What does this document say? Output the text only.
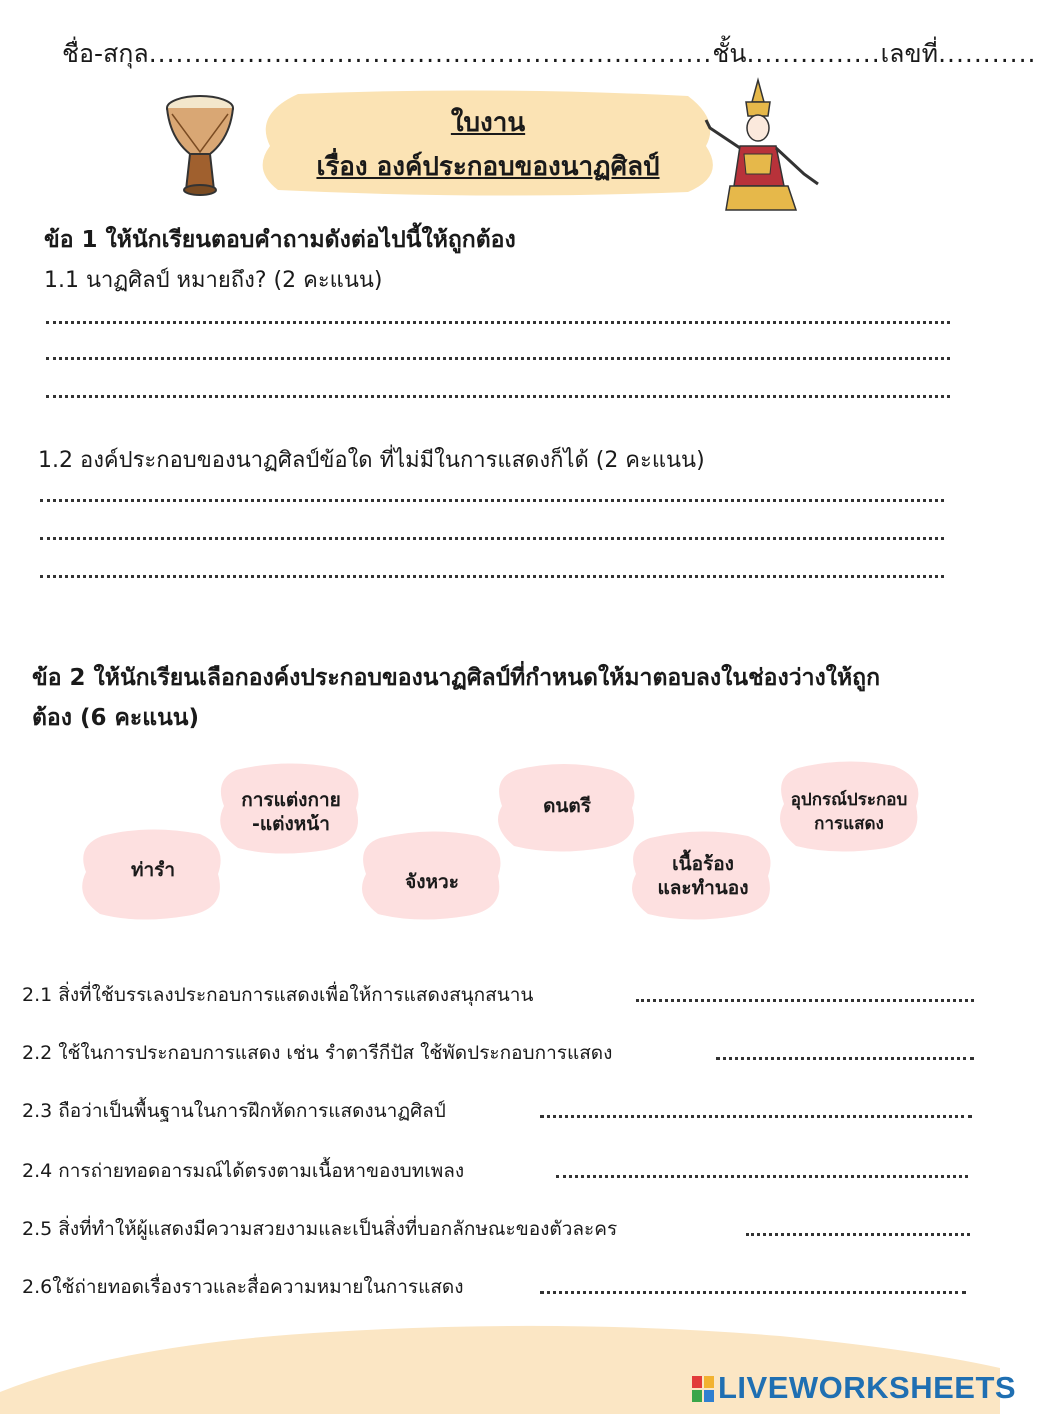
ชื่อ-สกุล...............................................................ชั้น...............เลขที่...........
ใบงาน
เรื่อง องค์ประกอบของนาฏศิลป์
ข้อ 1 ให้นักเรียนตอบคำถามดังต่อไปนี้ให้ถูกต้อง
1.1 นาฏศิลป์ หมายถึง? (2 คะแนน)
1.2 องค์ประกอบของนาฏศิลป์ข้อใด ที่ไม่มีในการแสดงก็ได้ (2 คะแนน)
ข้อ 2 ให้นักเรียนเลือกองค์งประกอบของนาฏศิลป์ที่กำหนดให้มาตอบลงในช่องว่างให้ถูก
ต้อง (6 คะแนน)
การแต่งกาย
-แต่งหน้า
ดนตรี	อุปกรณ์ประกอบ
การแสดง
ท่ารำ
จังหวะ
เนื้อร้อง
และทำนอง
2.1 สิ่งที่ใช้บรรเลงประกอบการแสดงเพื่อให้การแสดงสนุกสนาน
2.2 ใช้ในการประกอบการแสดง เช่น รำตารีกีปัส ใช้พัดประกอบการแสดง
2.3 ถือว่าเป็นพื้นฐานในการฝึกหัดการแสดงนาฏศิลป์
2.4 การถ่ายทอดอารมณ์ได้ตรงตามเนื้อหาของบทเพลง
2.5 สิ่งที่ทำให้ผู้แสดงมีความสวยงามและเป็นสิ่งที่บอกลักษณะของตัวละคร
2.6ใช้ถ่ายทอดเรื่องราวและสื่อความหมายในการแสดง
LIVEWORKSHEETS
